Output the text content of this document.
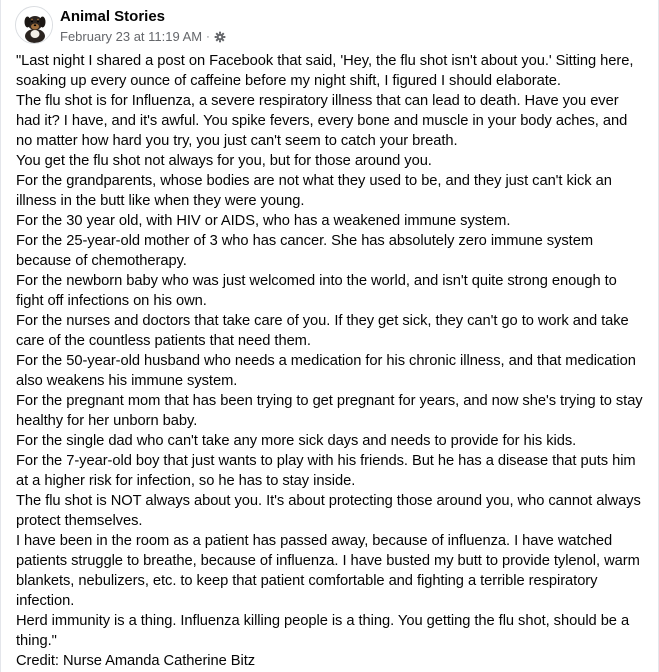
Animal Stories
February 23 at 11:19 AM ·

"Last night I shared a post on Facebook that said, 'Hey, the flu shot isn't about you.' Sitting here, soaking up every ounce of caffeine before my night shift, I figured I should elaborate.

The flu shot is for Influenza, a severe respiratory illness that can lead to death. Have you ever had it? I have, and it's awful. You spike fevers, every bone and muscle in your body aches, and no matter how hard you try, you just can't seem to catch your breath.

You get the flu shot not always for you, but for those around you.

For the grandparents, whose bodies are not what they used to be, and they just can't kick an illness in the butt like when they were young.

For the 30 year old, with HIV or AIDS, who has a weakened immune system.

For the 25-year-old mother of 3 who has cancer. She has absolutely zero immune system because of chemotherapy.

For the newborn baby who was just welcomed into the world, and isn't quite strong enough to fight off infections on his own.

For the nurses and doctors that take care of you. If they get sick, they can't go to work and take care of the countless patients that need them.

For the 50-year-old husband who needs a medication for his chronic illness, and that medication also weakens his immune system.

For the pregnant mom that has been trying to get pregnant for years, and now she's trying to stay healthy for her unborn baby.

For the single dad who can't take any more sick days and needs to provide for his kids.

For the 7-year-old boy that just wants to play with his friends. But he has a disease that puts him at a higher risk for infection, so he has to stay inside.

The flu shot is NOT always about you. It's about protecting those around you, who cannot always protect themselves.

I have been in the room as a patient has passed away, because of influenza. I have watched patients struggle to breathe, because of influenza. I have busted my butt to provide tylenol, warm blankets, nebulizers, etc. to keep that patient comfortable and fighting a terrible respiratory infection.

Herd immunity is a thing. Influenza killing people is a thing. You getting the flu shot, should be a thing."

Credit: Nurse Amanda Catherine Bitz
